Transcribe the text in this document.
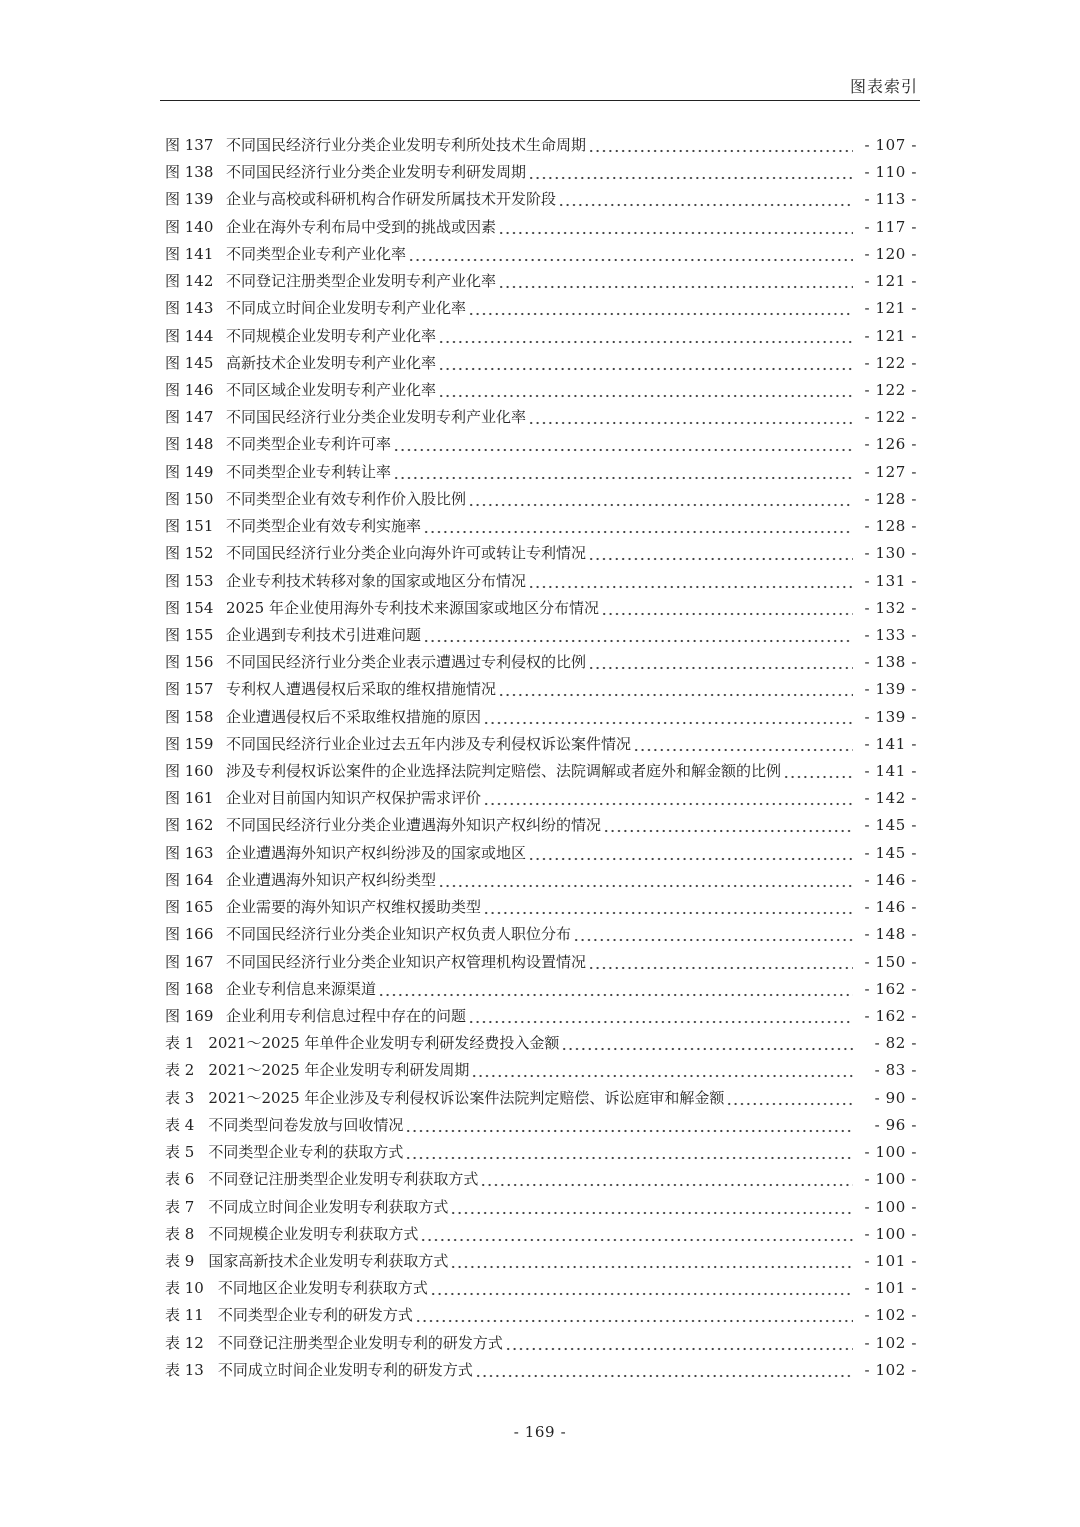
图表索引
图 137 不同国民经济行业分类企业发明专利所处技术生命周期	- 107 -
图 138 不同国民经济行业分类企业发明专利研发周期	- 110 -
图 139 企业与高校或科研机构合作研发所属技术开发阶段	- 113 -
图 140 企业在海外专利布局中受到的挑战或因素	- 117 -
图 141 不同类型企业专利产业化率	- 120 -
图 142 不同登记注册类型企业发明专利产业化率	- 121 -
图 143 不同成立时间企业发明专利产业化率	- 121 -
图 144 不同规模企业发明专利产业化率	- 121 -
图 145 高新技术企业发明专利产业化率	- 122 -
图 146 不同区域企业发明专利产业化率	- 122 -
图 147 不同国民经济行业分类企业发明专利产业化率	- 122 -
图 148 不同类型企业专利许可率	- 126 -
图 149 不同类型企业专利转让率	- 127 -
图 150 不同类型企业有效专利作价入股比例	- 128 -
图 151 不同类型企业有效专利实施率	- 128 -
图 152 不同国民经济行业分类企业向海外许可或转让专利情况	- 130 -
图 153 企业专利技术转移对象的国家或地区分布情况	- 131 -
图 154 2025 年企业使用海外专利技术来源国家或地区分布情况	- 132 -
图 155 企业遇到专利技术引进难问题	- 133 -
图 156 不同国民经济行业分类企业表示遭遇过专利侵权的比例	- 138 -
图 157 专利权人遭遇侵权后采取的维权措施情况	- 139 -
图 158 企业遭遇侵权后不采取维权措施的原因	- 139 -
图 159 不同国民经济行业企业过去五年内涉及专利侵权诉讼案件情况	- 141 -
图 160 涉及专利侵权诉讼案件的企业选择法院判定赔偿、法院调解或者庭外和解金额的比例	- 141 -
图 161 企业对目前国内知识产权保护需求评价	- 142 -
图 162 不同国民经济行业分类企业遭遇海外知识产权纠纷的情况	- 145 -
图 163 企业遭遇海外知识产权纠纷涉及的国家或地区	- 145 -
图 164 企业遭遇海外知识产权纠纷类型	- 146 -
图 165 企业需要的海外知识产权维权援助类型	- 146 -
图 166 不同国民经济行业分类企业知识产权负责人职位分布	- 148 -
图 167 不同国民经济行业分类企业知识产权管理机构设置情况	- 150 -
图 168 企业专利信息来源渠道	- 162 -
图 169 企业利用专利信息过程中存在的问题	- 162 -
表 1 2021～2025 年单件企业发明专利研发经费投入金额	- 82 -
表 2 2021～2025 年企业发明专利研发周期	- 83 -
表 3 2021～2025 年企业涉及专利侵权诉讼案件法院判定赔偿、诉讼庭审和解金额	- 90 -
表 4 不同类型问卷发放与回收情况	- 96 -
表 5 不同类型企业专利的获取方式	- 100 -
表 6 不同登记注册类型企业发明专利获取方式	- 100 -
表 7 不同成立时间企业发明专利获取方式	- 100 -
表 8 不同规模企业发明专利获取方式	- 100 -
表 9 国家高新技术企业发明专利获取方式	- 101 -
表 10 不同地区企业发明专利获取方式	- 101 -
表 11 不同类型企业专利的研发方式	- 102 -
表 12 不同登记注册类型企业发明专利的研发方式	- 102 -
表 13 不同成立时间企业发明专利的研发方式	- 102 -
- 169 -
